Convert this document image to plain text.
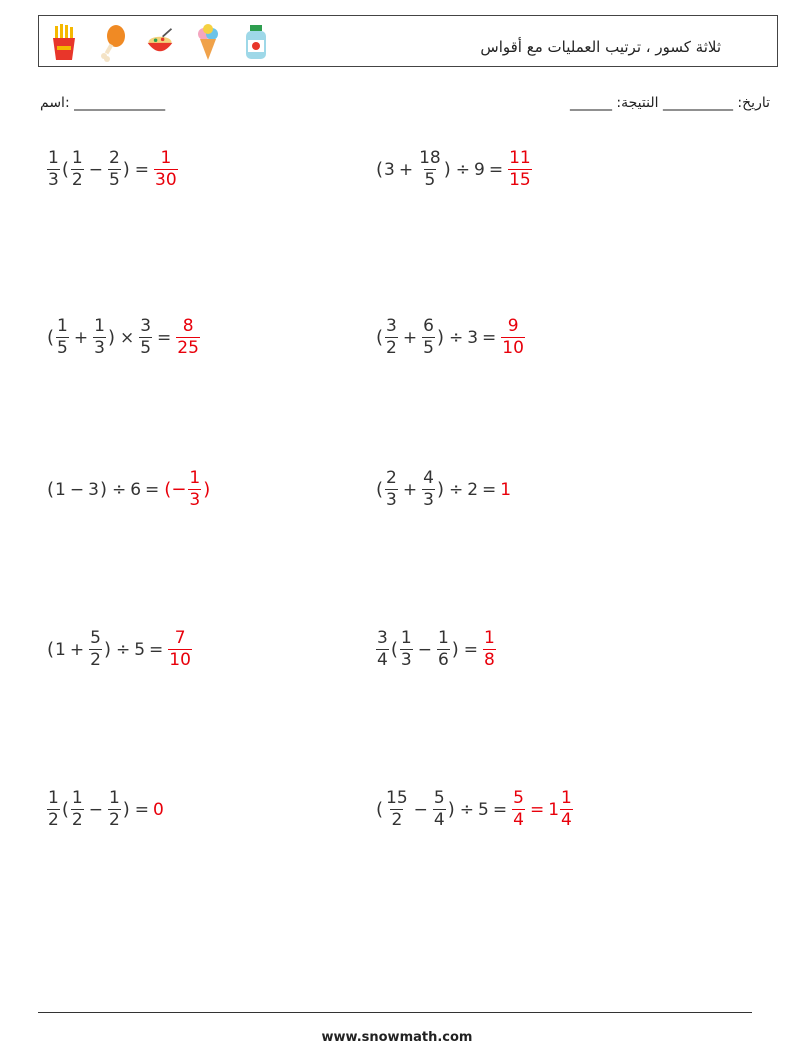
ثلاثة كسور ، ترتيب العمليات مع أقواس
______ :تاريخ: __________ النتيجة
اسم: _____________
$\frac{1}{3}$ ( $\frac{1}{2} - \frac{2}{5}$ ) = $\frac{1}{30}$	( $3 + \frac{18}{5}$ ) ÷ $9 = \frac{11}{15}$
( $\frac{1}{5} + \frac{1}{3}$ ) × $\frac{3}{5} = \frac{8}{25}$	( $\frac{3}{2} + \frac{6}{5}$ ) ÷ $3 = \frac{9}{10}$
( 1 − 3 ) ÷ 6 = (− $\frac{1}{3}$ )	( $\frac{2}{3} + \frac{4}{3}$ ) ÷ 2 = 1
( $1 + \frac{5}{2}$ ) ÷ $5 = \frac{7}{10}$	$\frac{3}{4}$ ( $\frac{1}{3} - \frac{1}{6}$ ) = $\frac{1}{8}$
$\frac{1}{2}$ ( $\frac{1}{2} - \frac{1}{2}$ ) = 0	( $\frac{15}{2} - \frac{5}{4}$ ) ÷ $5 = \frac{5}{4} = 1 \frac{1}{4}$
www.snowmath.com
